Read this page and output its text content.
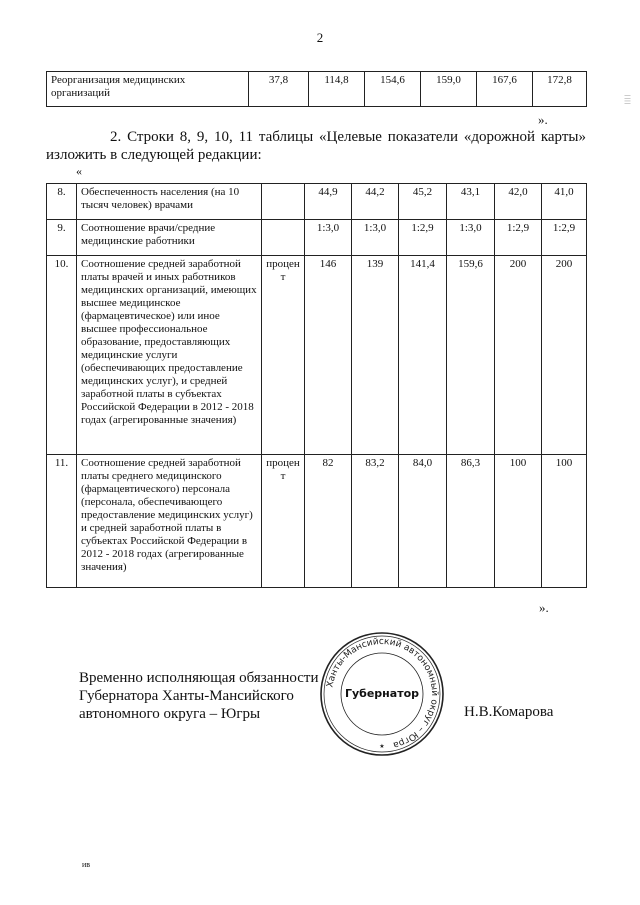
2
Реорганизация медицинских организаций	37,8	114,8	154,6	159,0	167,6	172,8
».
2. Строки 8, 9, 10, 11 таблицы «Целевые показатели «дорожной карты» изложить в следующей редакции:
«
8.	Обеспеченность населения (на 10 тысяч человек) врачами		44,9	44,2	45,2	43,1	42,0	41,0
9.	Соотношение врачи/средние медицинские работники		1:3,0	1:3,0	1:2,9	1:3,0	1:2,9	1:2,9
10.	Соотношение средней заработной платы врачей и иных работников медицинских организаций, имеющих высшее медицинское (фармацевтическое) или иное высшее профессиональное образование, предоставляющих медицинские услуги (обеспечивающих предоставление медицинских услуг), и средней заработной платы в субъектах Российской Федерации в 2012 - 2018 годах (агрегированные значения)	процент	146	139	141,4	159,6	200	200
11.	Соотношение средней заработной платы среднего медицинского (фармацевтического) персонала (персонала, обеспечивающего предоставление медицинских услуг) и средней заработной платы в субъектах Российской Федерации в 2012 - 2018 годах (агрегированные значения)	процент	82	83,2	84,0	86,3	100	100
».
Временно исполняющая обязанности
Губернатора Ханты-Мансийского
автономного округа – Югры
Ханты-Мансийский автономный округ – Югра
Губернатор
★
Н.В.Комарова
ив
| | | |
